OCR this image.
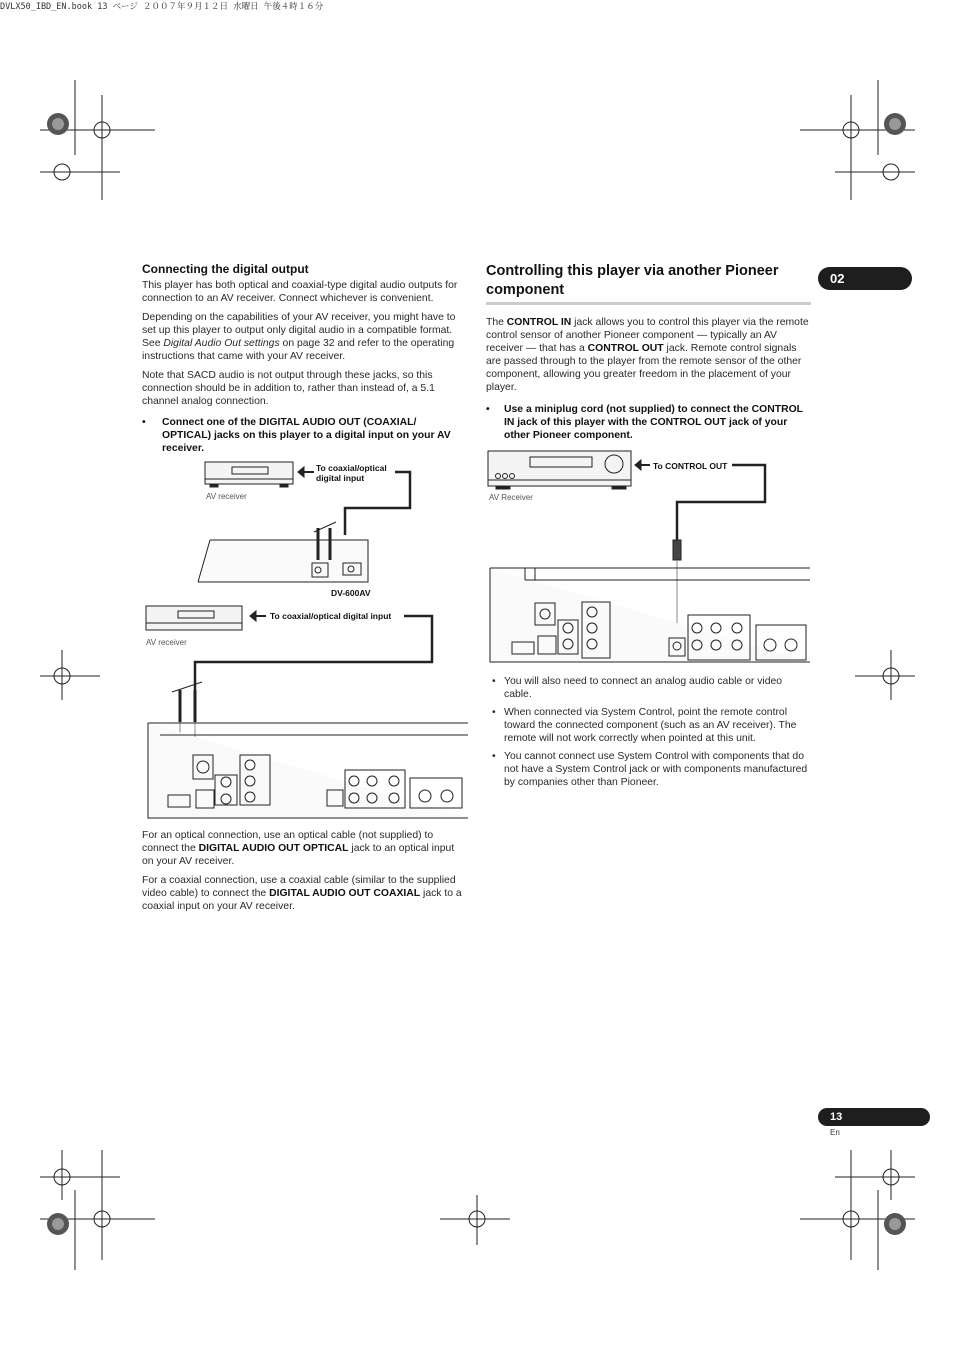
DVLX50_IBD_EN.book 13 ページ ２００７年９月１２日 水曜日 午後４時１６分
Connecting the digital output

This player has both optical and coaxial-type digital audio outputs for connection to an AV receiver. Connect whichever is convenient.

Depending on the capabilities of your AV receiver, you might have to set up this player to output only digital audio in a compatible format. See Digital Audio Out settings on page 32 and refer to the operating instructions that came with your AV receiver.

Note that SACD audio is not output through these jacks, so this connection should be in addition to, rather than instead of, a 5.1 channel analog connection.

•	Connect one of the DIGITAL AUDIO OUT (COAXIAL/ OPTICAL) jacks on this player to a digital input on your AV receiver.
To coaxial/optical
digital input
AV receiver
DV-600AV
To coaxial/optical digital input
AV receiver

For an optical connection, use an optical cable (not supplied) to connect the DIGITAL AUDIO OUT OPTICAL jack to an optical input on your AV receiver.

For a coaxial connection, use a coaxial cable (similar to the supplied video cable) to connect the DIGITAL AUDIO OUT COAXIAL jack to a coaxial input on your AV receiver.

Controlling this player via another Pioneer component

The CONTROL IN jack allows you to control this player via the remote control sensor of another Pioneer component — typically an AV receiver — that has a CONTROL OUT jack. Remote control signals are passed through to the player from the remote sensor of the other component, allowing you greater freedom in the placement of your player.

•	Use a miniplug cord (not supplied) to connect the CONTROL IN jack of this player with the CONTROL OUT jack of your other Pioneer component.
To CONTROL OUT
AV Receiver
• You will also need to connect an analog audio cable or video cable.
• When connected via System Control, point the remote control toward the connected component (such as an AV receiver). The remote will not work correctly when pointed at this unit.
• You cannot connect use System Control with components that do not have a System Control jack or with components manufactured by companies other than Pioneer.
02
13
En
